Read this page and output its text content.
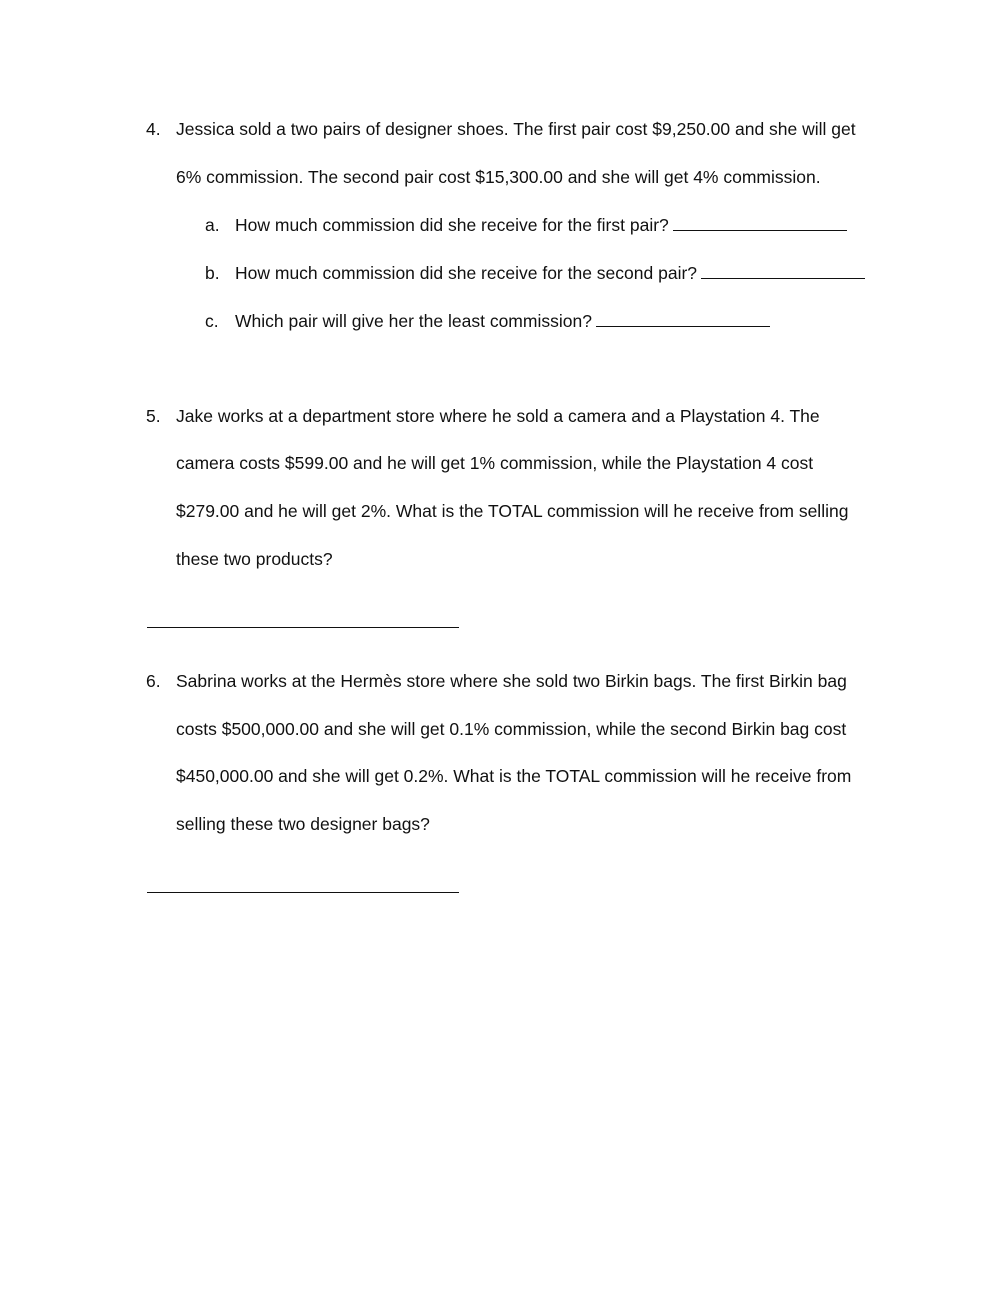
4. Jessica sold a two pairs of designer shoes. The first pair cost $9,250.00 and she will get
6% commission. The second pair cost $15,300.00 and she will get 4% commission.
a. How much commission did she receive for the first pair?
b. How much commission did she receive for the second pair?
c. Which pair will give her the least commission?
5. Jake works at a department store where he sold a camera and a Playstation 4. The
camera costs $599.00 and he will get 1% commission, while the Playstation 4 cost
$279.00 and he will get 2%. What is the TOTAL commission will he receive from selling
these two products?
6. Sabrina works at the Hermès store where she sold two Birkin bags. The first Birkin bag
costs $500,000.00 and she will get 0.1% commission, while the second Birkin bag cost
$450,000.00 and she will get 0.2%. What is the TOTAL commission will he receive from
selling these two designer bags?
